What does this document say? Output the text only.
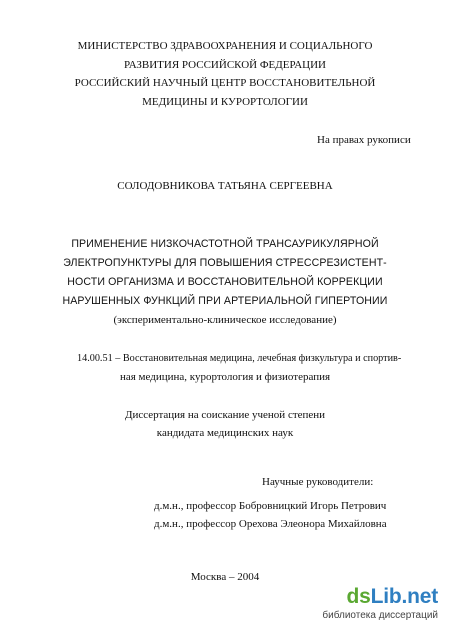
МИНИСТЕРСТВО ЗДРАВООХРАНЕНИЯ И СОЦИАЛЬНОГО
РАЗВИТИЯ РОССИЙСКОЙ ФЕДЕРАЦИИ
РОССИЙСКИЙ НАУЧНЫЙ ЦЕНТР ВОССТАНОВИТЕЛЬНОЙ
МЕДИЦИНЫ И КУРОРТОЛОГИИ
На правах рукописи
СОЛОДОВНИКОВА ТАТЬЯНА СЕРГЕЕВНА
ПРИМЕНЕНИЕ НИЗКОЧАСТОТНОЙ ТРАНСАУРИКУЛЯРНОЙ
ЭЛЕКТРОПУНКТУРЫ ДЛЯ ПОВЫШЕНИЯ СТРЕССРЕЗИСТЕНТ-
НОСТИ ОРГАНИЗМА И ВОССТАНОВИТЕЛЬНОЙ КОРРЕКЦИИ
НАРУШЕННЫХ ФУНКЦИЙ ПРИ АРТЕРИАЛЬНОЙ ГИПЕРТОНИИ
(экспериментально-клиническое исследование)
14.00.51 – Восстановительная медицина, лечебная физкультура и спортив-
ная медицина, курортология и физиотерапия
Диссертация на соискание ученой степени
кандидата медицинских наук
Научные руководители:
д.м.н., профессор Бобровницкий Игорь Петрович
д.м.н., профессор Орехова Элеонора Михайловна
Москва – 2004
dsLib.net
библиотека диссертаций
